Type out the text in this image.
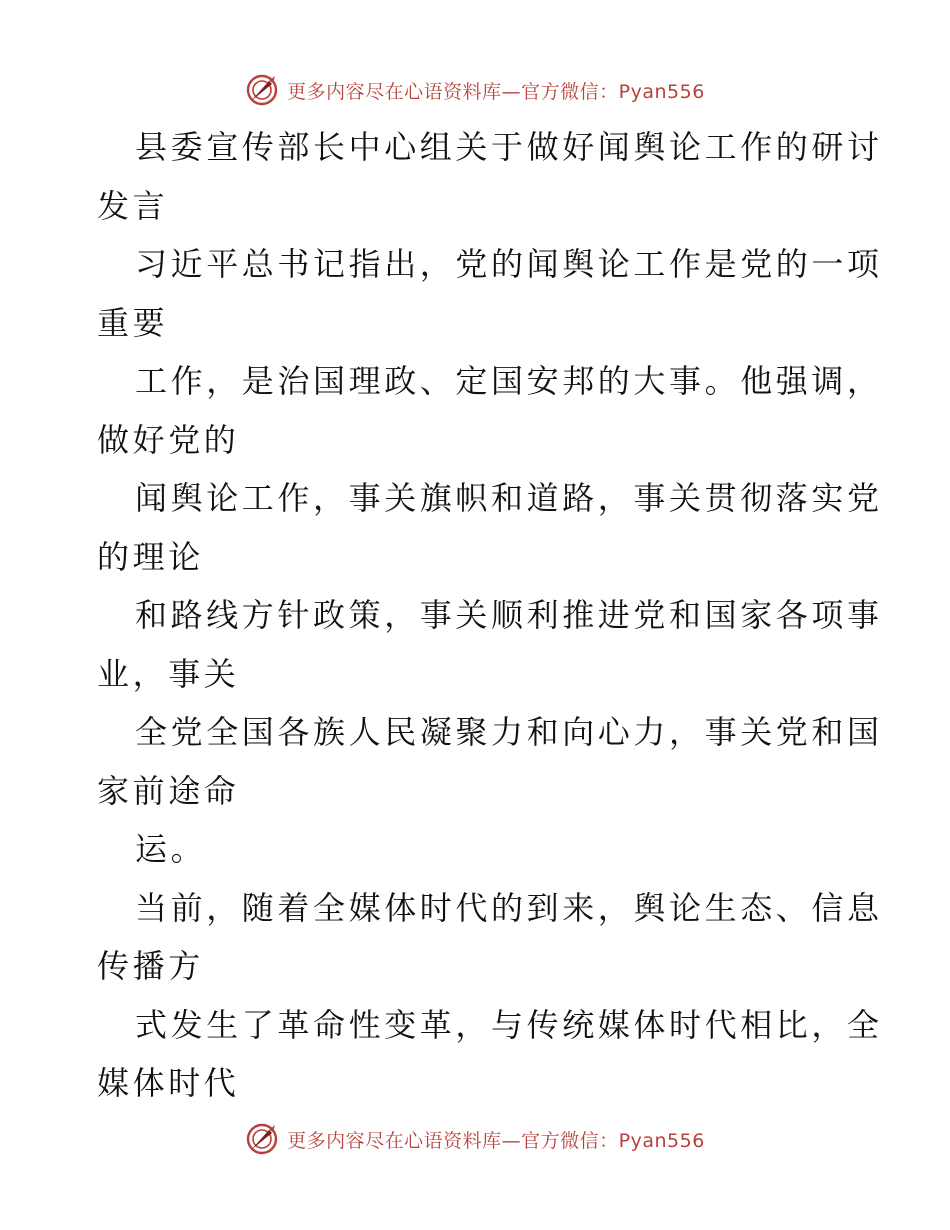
更多内容尽在心语资料库—官方微信：Pyan556
县委宣传部长中心组关于做好闻舆论工作的研讨
发言
习近平总书记指出，党的闻舆论工作是党的一项
重要
工作，是治国理政、定国安邦的大事。他强调，
做好党的
闻舆论工作，事关旗帜和道路，事关贯彻落实党
的理论
和路线方针政策，事关顺利推进党和国家各项事
业，事关
全党全国各族人民凝聚力和向心力，事关党和国
家前途命
运。
当前，随着全媒体时代的到来，舆论生态、信息
传播方
式发生了革命性变革，与传统媒体时代相比，全
媒体时代
更多内容尽在心语资料库—官方微信：Pyan556
